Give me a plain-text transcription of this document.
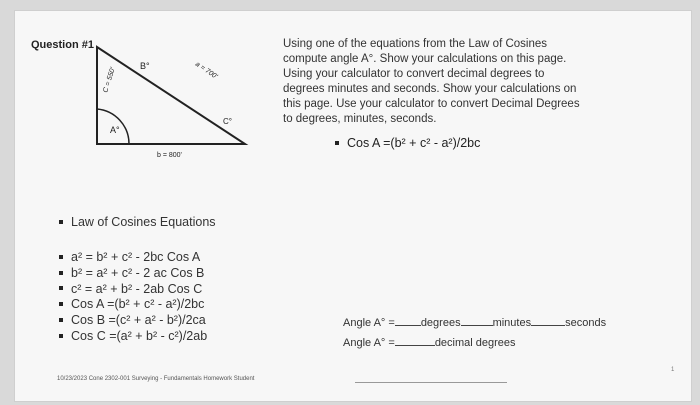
Question #1
B°
A°
C°
C = 550'	a = 700'
b = 800'
Using one of the equations from the Law of Cosines
compute angle A°. Show your calculations on this page.
Using your calculator to convert decimal degrees to
degrees minutes and seconds. Show your calculations on
this page. Use your calculator to convert Decimal Degrees
to degrees, minutes, seconds.
Cos A =(b² + c² - a²)/2bc
Law of Cosines Equations
a² = b² + c² - 2bc Cos A
b² = a² + c² - 2 ac Cos B
c² = a² + b² - 2ab Cos C
Cos A =(b² + c² - a²)/2bc
Cos B =(c² + a² - b²)/2ca
Cos C =(a² + b² - c²)/2ab
Angle A° = degrees	minutes	seconds
Angle A° =	decimal degrees
10/23/2023 Cone 2302-001 Surveying - Fundamentals Homework Student
1
